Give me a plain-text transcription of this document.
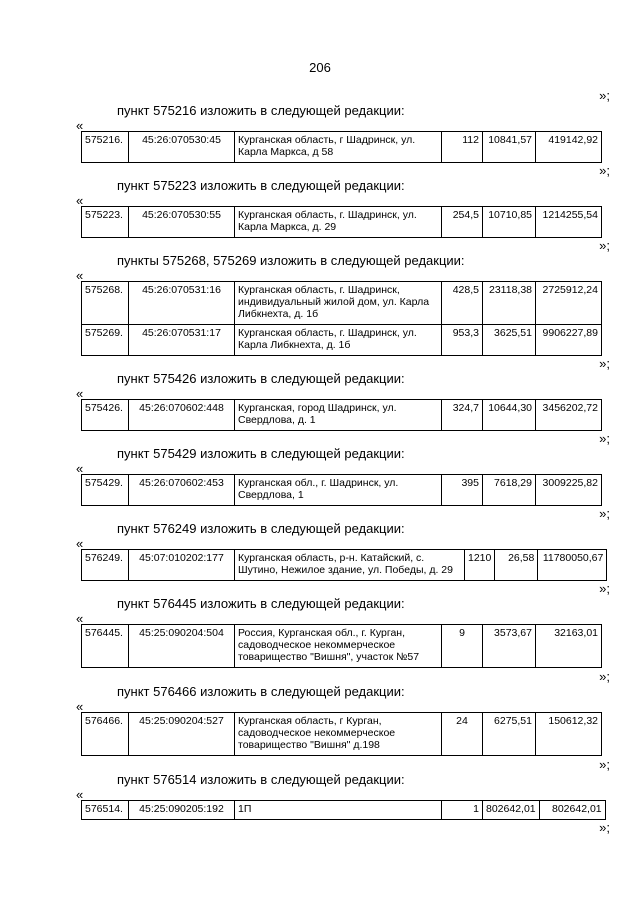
206
»;
пункт 575216 изложить в следующей редакции:
«
575216.	45:26:070530:45	Курганская область, г Шадринск, ул. Карла Маркса, д 58	112	10841,57	419142,92
»;
пункт 575223 изложить в следующей редакции:
«
575223.	45:26:070530:55	Курганская область, г. Шадринск, ул. Карла Маркса, д. 29	254,5	10710,85	1214255,54
»;
пункты 575268, 575269 изложить в следующей редакции:
«
575268.	45:26:070531:16	Курганская область, г. Шадринск, индивидуальный жилой дом, ул. Карла Либкнехта, д. 1б	428,5	23118,38	2725912,24
575269.	45:26:070531:17	Курганская область, г. Шадринск, ул. Карла Либкнехта, д. 1б	953,3	3625,51	9906227,89
»;
пункт 575426 изложить в следующей редакции:
«
575426.	45:26:070602:448	Курганская, город Шадринск, ул. Свердлова, д. 1	324,7	10644,30	3456202,72
»;
пункт 575429 изложить в следующей редакции:
«
575429.	45:26:070602:453	Курганская обл., г. Шадринск, ул. Свердлова, 1	395	7618,29	3009225,82
»;
пункт 576249 изложить в следующей редакции:
«
576249.	45:07:010202:177	Курганская область, р-н. Катайский, с. Шутино, Нежилое здание, ул. Победы, д. 29	1210	26,58	11780050,67
»;
пункт 576445 изложить в следующей редакции:
«
576445.	45:25:090204:504	Россия, Курганская обл., г. Курган, садоводческое некоммерческое товарищество "Вишня", участок №57	9	3573,67	32163,01
»;
пункт 576466 изложить в следующей редакции:
«
576466.	45:25:090204:527	Курганская область, г Курган, садоводческое некоммерческое товарищество "Вишня" д.198	24	6275,51	150612,32
»;
пункт 576514 изложить в следующей редакции:
«
576514.	45:25:090205:192	1П	1	802642,01	802642,01
»;
